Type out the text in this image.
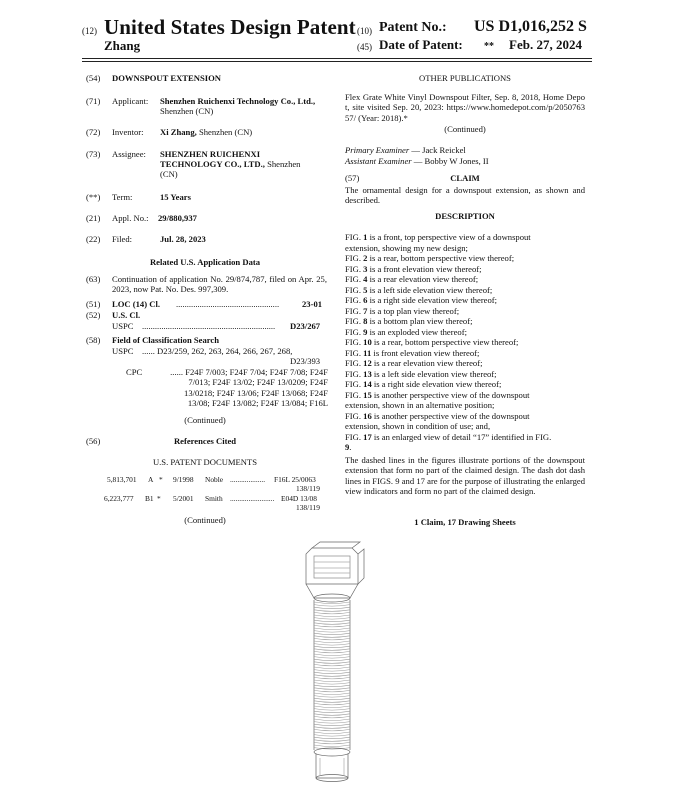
(12) United States Design Patent
Zhang
(10) Patent No.: US D1,016,252 S
(45) Date of Patent: ** Feb. 27, 2024
(54) DOWNSPOUT EXTENSION
(71) Applicant: Shenzhen Ruichenxi Technology Co., Ltd., Shenzhen (CN)
(72) Inventor: Xi Zhang, Shenzhen (CN)
(73) Assignee: SHENZHEN RUICHENXI
TECHNOLOGY CO., LTD., Shenzhen
(CN)
(**) Term:	15 Years
(21) Appl. No.: 29/880,937
(22) Filed:	Jul. 28, 2023
Related U.S. Application Data
(63) Continuation of application No. 29/874,787, filed on Apr. 25, 2023, now Pat. No. Des. 997,309.
(51) LOC (14) Cl. ................................................	23-01
(52) U.S. Cl.
USPC ..............................................................	D23/267
(58) Field of Classification Search
USPC ...... D23/259, 262, 263, 264, 266, 267, 268,
D23/393
CPC	...... F24F 7/003; F24F 7/04; F24F 7/08; F24F
7/013; F24F 13/02; F24F 13/0209; F24F
13/0218; F24F 13/06; F24F 13/068; F24F
13/08; F24F 13/082; F24F 13/084; F16L
(Continued)
(56)	References Cited
U.S. PATENT DOCUMENTS
5,813,701 A * 9/1998 Noble ...................	F16L 25/0063
138/119
6,223,777 B1 * 5/2001 Smith ........................ E04D 13/08
138/119
(Continued)
OTHER PUBLICATIONS
Flex Grate White Vinyl Downspout Filter, Sep. 8, 2018, Home Depot, site visited Sep. 20, 2023: https://www.homedepot.com/p/205076357/ (Year: 2018).*
(Continued)
Primary Examiner — Jack Reickel
Assistant Examiner — Bobby W Jones, II
(57)	CLAIM
The ornamental design for a downspout extension, as shown and described.
DESCRIPTION
FIG. 1 is a front, top perspective view of a downspout
extension, showing my new design;
FIG. 2 is a rear, bottom perspective view thereof;
FIG. 3 is a front elevation view thereof;
FIG. 4 is a rear elevation view thereof;
FIG. 5 is a left side elevation view thereof;
FIG. 6 is a right side elevation view thereof;
FIG. 7 is a top plan view thereof;
FIG. 8 is a bottom plan view thereof;
FIG. 9 is an exploded view thereof;
FIG. 10 is a rear, bottom perspective view thereof;
FIG. 11 is front elevation view thereof;
FIG. 12 is a rear elevation view thereof;
FIG. 13 is a left side elevation view thereof;
FIG. 14 is a right side elevation view thereof;
FIG. 15 is another perspective view of the downspout
extension, shown in an alternative position;
FIG. 16 is another perspective view of the downspout
extension, shown in condition of use; and,
FIG. 17 is an enlarged view of detail “17” identified in FIG.
9.
The dashed lines in the figures illustrate portions of the downspout extension that form no part of the claimed design. The dash dot dash lines in FIGS. 9 and 17 are for the purpose of illustrating the enlarged view indicators and form no part of the claimed design.
1 Claim, 17 Drawing Sheets
